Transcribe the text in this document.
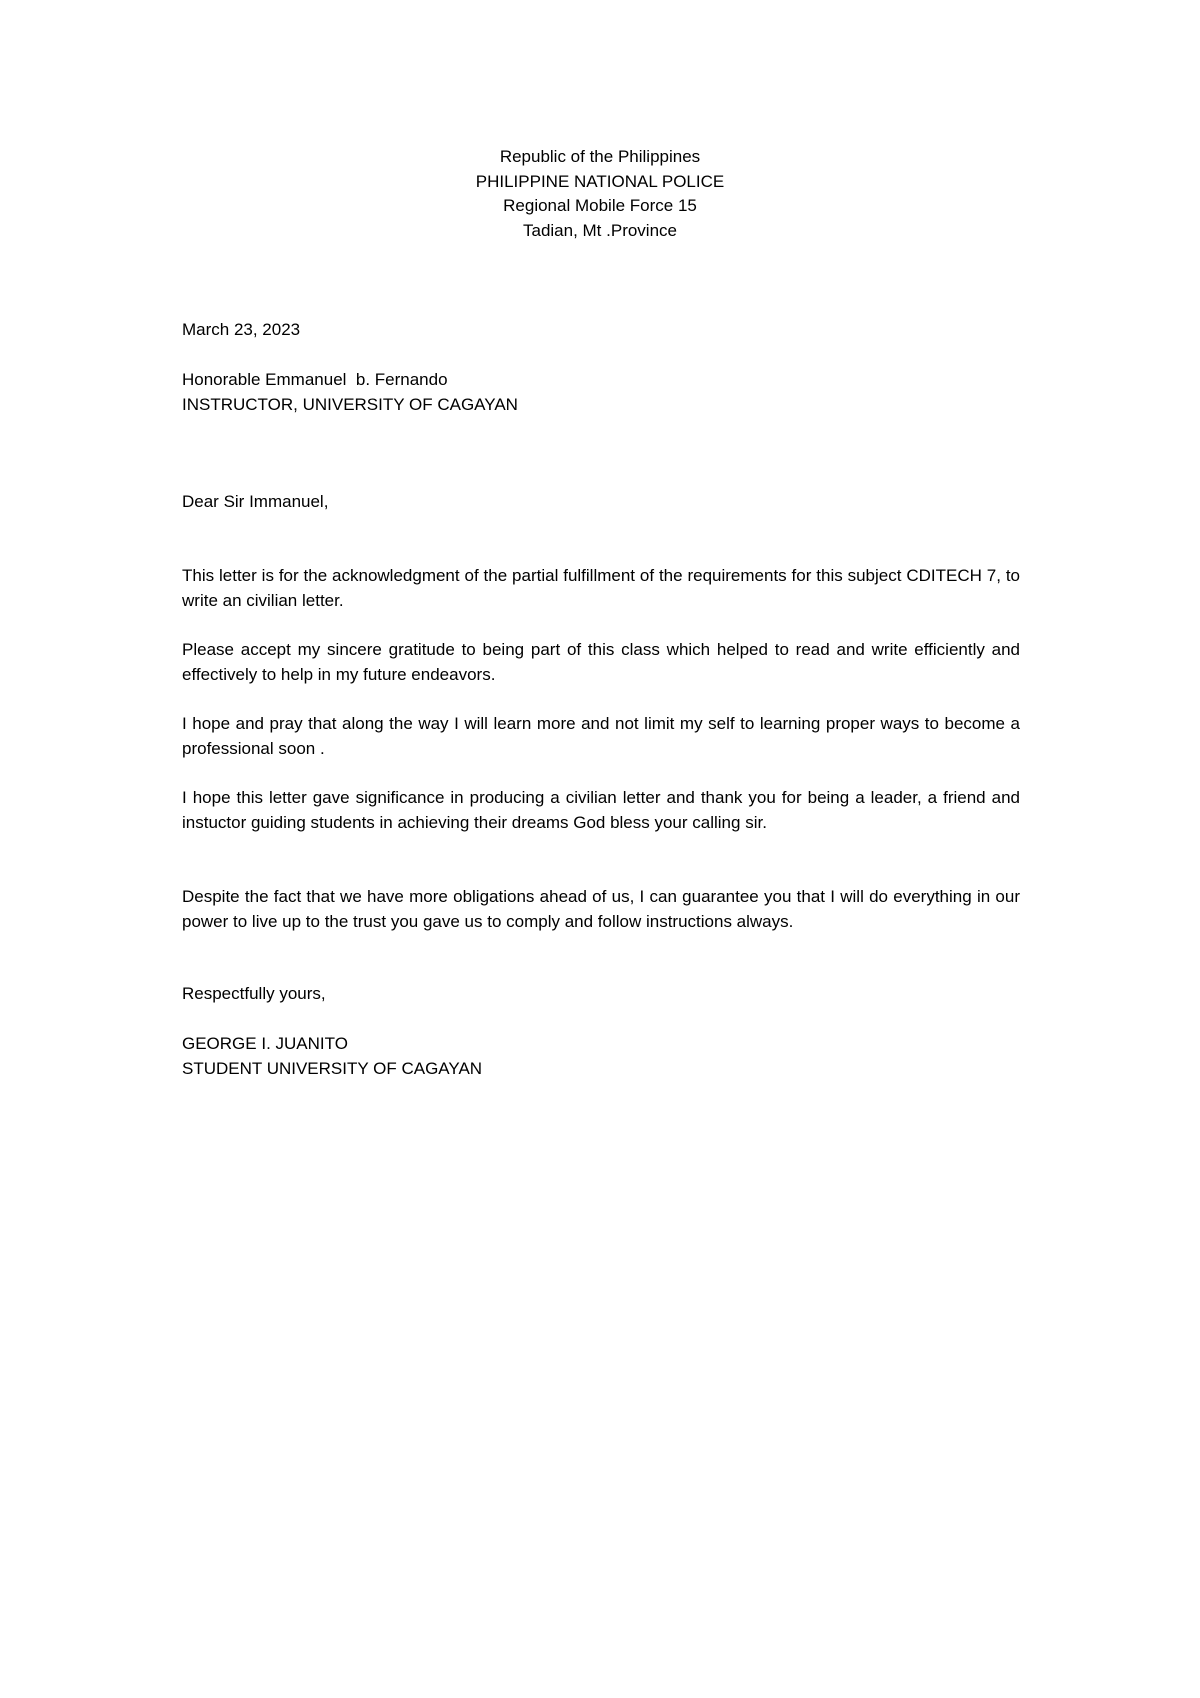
Republic of the Philippines
PHILIPPINE NATIONAL POLICE
Regional Mobile Force 15
Tadian, Mt .Province
March 23, 2023
Honorable Emmanuel  b. Fernando
INSTRUCTOR, UNIVERSITY OF CAGAYAN
Dear Sir Immanuel,
This letter is for the acknowledgment of the partial fulfillment of the requirements for this subject CDITECH 7, to write an civilian letter.
Please accept my sincere gratitude to being part of this class which helped to read and write efficiently and effectively to help in my future endeavors.
I hope and pray that along the way I will learn more and not limit my self to learning proper ways to become a professional soon .
I hope this letter gave significance in producing a civilian letter and thank you for being a leader, a friend and instuctor guiding students in achieving their dreams God bless your calling sir.
Despite the fact that we have more obligations ahead of us, I can guarantee you that I will do everything in our power to live up to the trust you gave us to comply and follow instructions always.
Respectfully yours,
GEORGE I. JUANITO
STUDENT UNIVERSITY OF CAGAYAN
